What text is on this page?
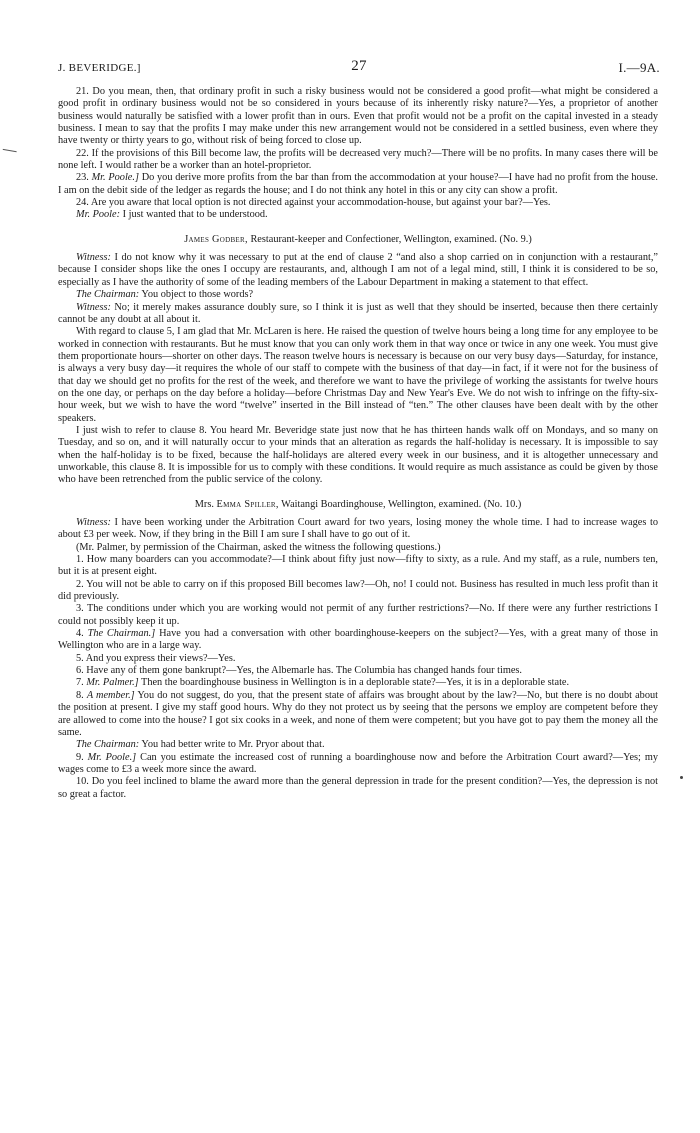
J. BEVERIDGE.]	27	I.—9A.

21. Do you mean, then, that ordinary profit in such a risky business would not be considered a good profit—what might be considered a good profit in ordinary business would not be so considered in yours because of its inherently risky nature?—Yes, a proprietor of another business would naturally be satisfied with a lower profit than in ours. Even that profit would not be a profit on the capital invested in a steady business. I mean to say that the profits I may make under this new arrangement would not be considered in a settled business, even where they have twenty or thirty years to go, without risk of being forced to close up.

22. If the provisions of this Bill become law, the profits will be decreased very much?—There will be no profits. In many cases there will be none left. I would rather be a worker than an hotel-proprietor.

23. Mr. Poole.] Do you derive more profits from the bar than from the accommodation at your house?—I have had no profit from the house. I am on the debit side of the ledger as regards the house; and I do not think any hotel in this or any city can show a profit.

24. Are you aware that local option is not directed against your accommodation-house, but against your bar?—Yes.

Mr. Poole: I just wanted that to be understood.

James Godber, Restaurant-keeper and Confectioner, Wellington, examined. (No. 9.)

Witness: I do not know why it was necessary to put at the end of clause 2 “and also a shop carried on in conjunction with a restaurant,” because I consider shops like the ones I occupy are restaurants, and, although I am not of a legal mind, still, I think it is considered to be so, especially as I have the authority of some of the leading members of the Labour Department in making a statement to that effect.

The Chairman: You object to those words?

Witness: No; it merely makes assurance doubly sure, so I think it is just as well that they should be inserted, because then there certainly cannot be any doubt at all about it.

With regard to clause 5, I am glad that Mr. McLaren is here. He raised the question of twelve hours being a long time for any employee to be worked in connection with restaurants. But he must know that you can only work them in that way once or twice in any one week. You must give them proportionate hours—shorter on other days. The reason twelve hours is necessary is because on our very busy days—Saturday, for instance, is always a very busy day—it requires the whole of our staff to compete with the business of that day—in fact, if it were not for the business of that day we should get no profits for the rest of the week, and therefore we want to have the privilege of working the assistants for twelve hours on the one day, or perhaps on the day before a holiday—before Christmas Day and New Year's Eve. We do not wish to infringe on the fifty-six-hour week, but we wish to have the word “twelve” inserted in the Bill instead of “ten.” The other clauses have been dealt with by the other speakers.

I just wish to refer to clause 8. You heard Mr. Beveridge state just now that he has thirteen hands walk off on Mondays, and so many on Tuesday, and so on, and it will naturally occur to your minds that an alteration as regards the half-holiday is necessary. It is impossible to say when the half-holiday is to be fixed, because the half-holidays are altered every week in our business, and it is altogether unnecessary and unworkable, this clause 8. It is impossible for us to comply with these conditions. It would require as much assistance as could be given by those who have been retrenched from the public service of the colony.

Mrs. Emma Spiller, Waitangi Boardinghouse, Wellington, examined. (No. 10.)

Witness: I have been working under the Arbitration Court award for two years, losing money the whole time. I had to increase wages to about £3 per week. Now, if they bring in the Bill I am sure I shall have to go out of it.

(Mr. Palmer, by permission of the Chairman, asked the witness the following questions.)

1. How many boarders can you accommodate?—I think about fifty just now—fifty to sixty, as a rule. And my staff, as a rule, numbers ten, but it is at present eight.

2. You will not be able to carry on if this proposed Bill becomes law?—Oh, no! I could not. Business has resulted in much less profit than it did previously.

3. The conditions under which you are working would not permit of any further restrictions?—No. If there were any further restrictions I could not possibly keep it up.

4. The Chairman.] Have you had a conversation with other boardinghouse-keepers on the subject?—Yes, with a great many of those in Wellington who are in a large way.

5. And you express their views?—Yes.

6. Have any of them gone bankrupt?—Yes, the Albemarle has. The Columbia has changed hands four times.

7. Mr. Palmer.] Then the boardinghouse business in Wellington is in a deplorable state?—Yes, it is in a deplorable state.

8. A member.] You do not suggest, do you, that the present state of affairs was brought about by the law?—No, but there is no doubt about the position at present. I give my staff good hours. Why do they not protect us by seeing that the persons we employ are competent before they are allowed to come into the house? I got six cooks in a week, and none of them were competent; but you have got to pay them the money all the same.

The Chairman: You had better write to Mr. Pryor about that.

9. Mr. Poole.] Can you estimate the increased cost of running a boardinghouse now and before the Arbitration Court award?—Yes; my wages come to £3 a week more since the award.

10. Do you feel inclined to blame the award more than the general depression in trade for the present condition?—Yes, the depression is not so great a factor.
